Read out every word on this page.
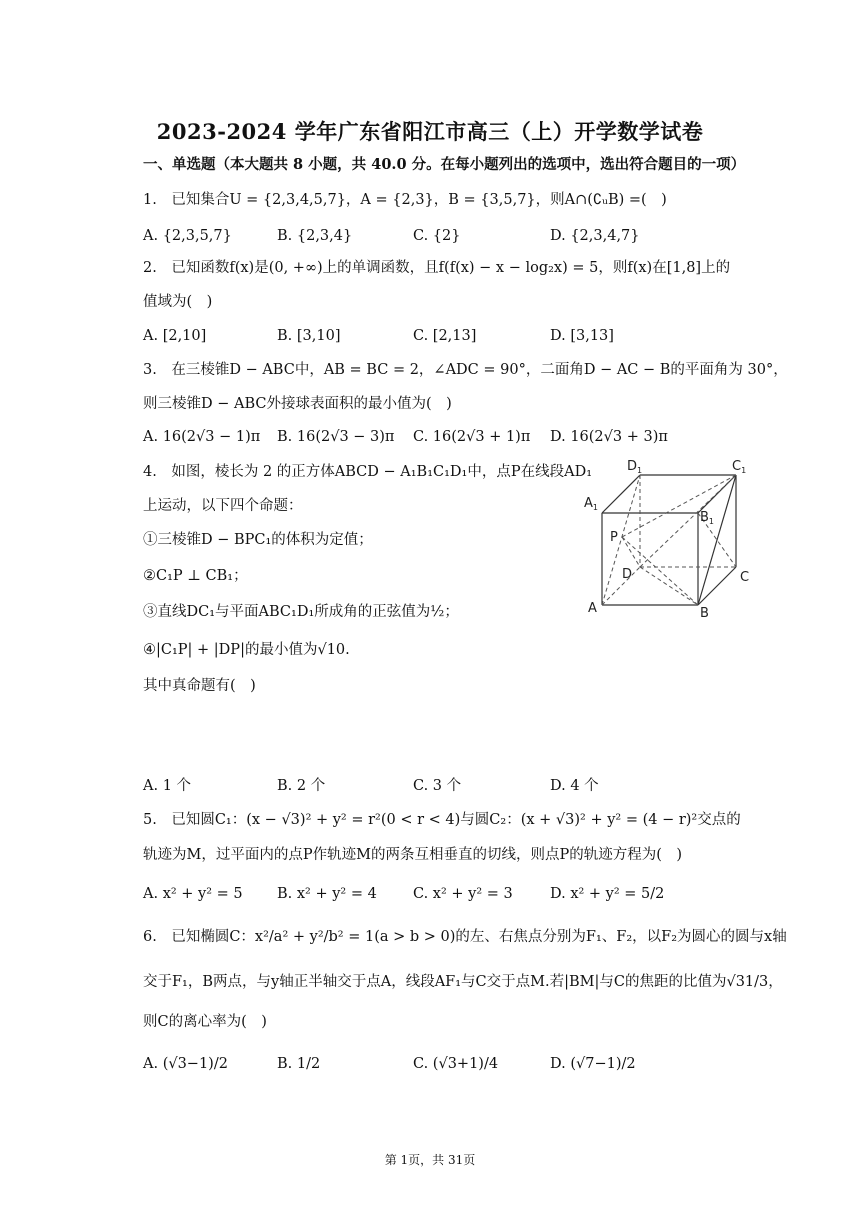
2023-2024 学年广东省阳江市高三（上）开学数学试卷
一、单选题（本大题共 8 小题，共 40.0 分。在每小题列出的选项中，选出符合题目的一项）
1.　已知集合U = {2,3,4,5,7}，A = {2,3}，B = {3,5,7}，则A∩(∁ᵤB) =(　)
A. {2,3,5,7}	B. {2,3,4}	C. {2}	D. {2,3,4,7}
2.　已知函数f(x)是(0, +∞)上的单调函数，且f(f(x) − x − log₂x) = 5，则f(x)在[1,8]上的
值域为(　)
A. [2,10]	B. [3,10]	C. [2,13]	D. [3,13]
3.　在三棱锥D − ABC中，AB = BC = 2，∠ADC = 90°，二面角D − AC − B的平面角为 30°，
则三棱锥D − ABC外接球表面积的最小值为(　)
A. 16(2√3 − 1)π B. 16(2√3 − 3)π C. 16(2√3 + 1)π D. 16(2√3 + 3)π
4.　如图，棱长为 2 的正方体ABCD − A₁B₁C₁D₁中，点P在线段AD₁
上运动，以下四个命题：
①三棱锥D − BPC₁的体积为定值；
②C₁P ⊥ CB₁；
③直线DC₁与平面ABC₁D₁所成角的正弦值为½；
④|C₁P| + |DP|的最小值为√10.
其中真命题有(　)
$D_1$	$C_1$
$A_1$
$B_1$
P
D	C
A	B
A. 1 个	B. 2 个	C. 3 个	D. 4 个
5.　已知圆C₁：(x − √3)² + y² = r²(0 < r < 4)与圆C₂：(x + √3)² + y² = (4 − r)²交点的
轨迹为M，过平面内的点P作轨迹M的两条互相垂直的切线，则点P的轨迹方程为(　)
A. x² + y² = 5 B. x² + y² = 4 C. x² + y² = 3	D. x² + y² = 5/2
6.　已知椭圆C：x²/a² + y²/b² = 1(a > b > 0)的左、右焦点分别为F₁、F₂，以F₂为圆心的圆与x轴
交于F₁，B两点，与y轴正半轴交于点A，线段AF₁与C交于点M.若|BM|与C的焦距的比值为√31/3，
则C的离心率为(　)
A. (√3−1)/2	B. 1/2	C. (√3+1)/4	D. (√7−1)/2
第 1页，共 31页
